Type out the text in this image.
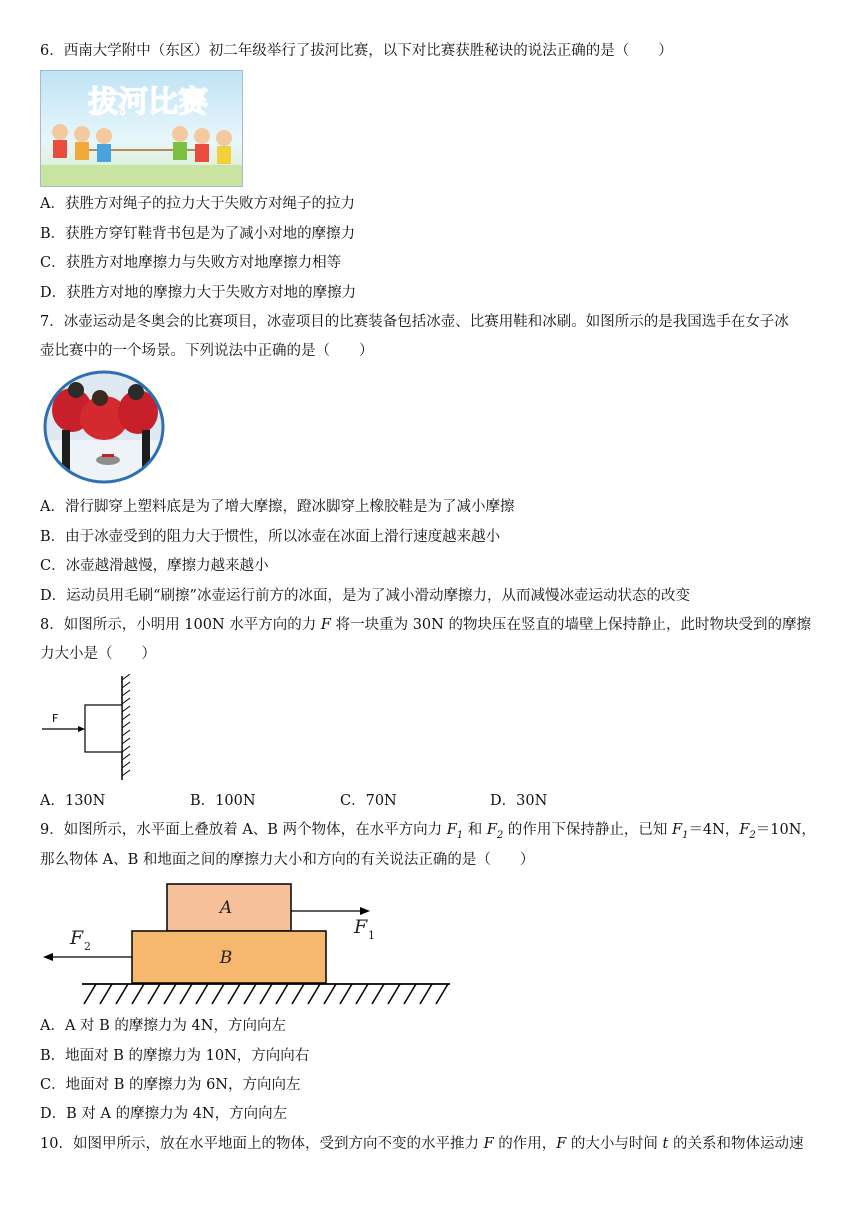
6．西南大学附中（东区）初二年级举行了拔河比赛，以下对比赛获胜秘诀的说法正确的是（　　）
拔河比赛
A．获胜方对绳子的拉力大于失败方对绳子的拉力
B．获胜方穿钉鞋背书包是为了减小对地的摩擦力
C．获胜方对地摩擦力与失败方对地摩擦力相等
D．获胜方对地的摩擦力大于失败方对地的摩擦力
7．冰壶运动是冬奥会的比赛项目，冰壶项目的比赛装备包括冰壶、比赛用鞋和冰刷。如图所示的是我国选手在女子冰
壶比赛中的一个场景。下列说法中正确的是（　　）
A．滑行脚穿上塑料底是为了增大摩擦，蹬冰脚穿上橡胶鞋是为了减小摩擦
B．由于冰壶受到的阻力大于惯性，所以冰壶在冰面上滑行速度越来越小
C．冰壶越滑越慢，摩擦力越来越小
D．运动员用毛刷“刷擦”冰壶运行前方的冰面，是为了减小滑动摩擦力，从而减慢冰壶运动状态的改变
8．如图所示，小明用 100N 水平方向的力 F 将一块重为 30N 的物块压在竖直的墙壁上保持静止，此时物块受到的摩擦
力大小是（　　）
F
A．130N	B．100N	C．70N	D．30N
9．如图所示，水平面上叠放着 A、B 两个物体，在水平方向力 $F_1$ 和 $F_2$ 的作用下保持静止，已知 $F_1=4N$，$F_2=10N$，
那么物体 A、B 和地面之间的摩擦力大小和方向的有关说法正确的是（　　）
A
B
F 1
F 2
A．A 对 B 的摩擦力为 4N，方向向左
B．地面对 B 的摩擦力为 10N，方向向右
C．地面对 B 的摩擦力为 6N，方向向左
D．B 对 A 的摩擦力为 4N，方向向左
10．如图甲所示，放在水平地面上的物体，受到方向不变的水平推力 F 的作用，F 的大小与时间 t 的关系和物体运动速
